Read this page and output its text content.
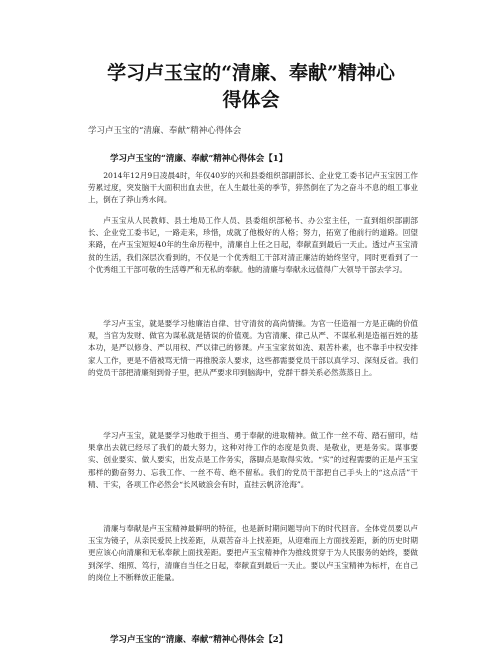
学习卢玉宝的“清廉、奉献”精神心
得体会
学习卢玉宝的“清廉、奉献”精神心得体会
学习卢玉宝的“清廉、奉献”精神心得体会【1】
2014年12月9日凌晨4时，年仅40岁的兴和县委组织部副部长、企业党工委书记卢玉宝因工作劳累过度，突发脑干大面积出血去世，在人生最壮美的季节，猝然倒在了为之奋斗不息的组工事业上，倒在了莽山秀水间。
卢玉宝从人民教师、县土地局工作人员、县委组织部秘书、办公室主任，一直到组织部副部长、企业党工委书记，一路走来，珍惜，成就了他极好的人格；努力，拓宽了他前行的道路。回望来路，在卢玉宝短短40年的生命历程中，清廉自上任之日起，奉献直到最后一天止。透过卢玉宝清贫的生活，我们深层次看到的，不仅是一个优秀组工干部对清正廉洁的始终坚守，同时更看到了一个优秀组工干部可敬的生活尊严和无私的奉献。他的清廉与奉献永远值得广大领导干部去学习。
学习卢玉宝，就是要学习他廉洁自律、甘守清贫的高尚情操。为官一任造福一方是正确的价值观，当官为发财、做官为谋私就是错误的价值观。为官清廉、律己从严、不谋私利是造福百姓的基本功，是严以修身、严以用权、严以律己的修课。卢玉宝家贫如洗、艰苦朴素，也不靠手中权安排家人工作，更是不借被骂无情一再推脱亲人要求，这些都需要党员干部以真学习、深刻反省。我们的党员干部把清廉刻到骨子里，把从严要求印到脑海中，党群干群关系必然蒸蒸日上。
学习卢玉宝，就是要学习他敢于担当、勇于奉献的进取精神。做工作一丝不苟、踏石留印，结果拿出去就已经尽了我们的最大努力，这种对待工作的态度是负责、是敬业，更是务实。谋事要实、创业要实、做人要实，出发点是工作务实，落脚点是取得实效。“实”的过程需要的正是卢玉宝那样的勤奋努力、忘我工作、一丝不苟、绝不留私。我们的党员干部把自己手头上的“这点活”干精、干实，各项工作必然会“长风破浪会有时，直挂云帆济沧海”。
清廉与奉献是卢玉宝精神最鲜明的特征，也是新时期问题导向下的时代回音。全体党员要以卢玉宝为镜子，从亲民爱民上找差距，从艰苦奋斗上找差距，从迎难而上方面找差距，新的历史时期更应该心向清廉和无私奉献上面找差距。要把卢玉宝精神作为推线贯穿于为人民服务的始终，要做到深学、细照、笃行，清廉自当任之日起，奉献直到最后一天止。要以卢玉宝精神为标杆，在自己的岗位上不断释放正能量。
学习卢玉宝的“清廉、奉献”精神心得体会【2】
